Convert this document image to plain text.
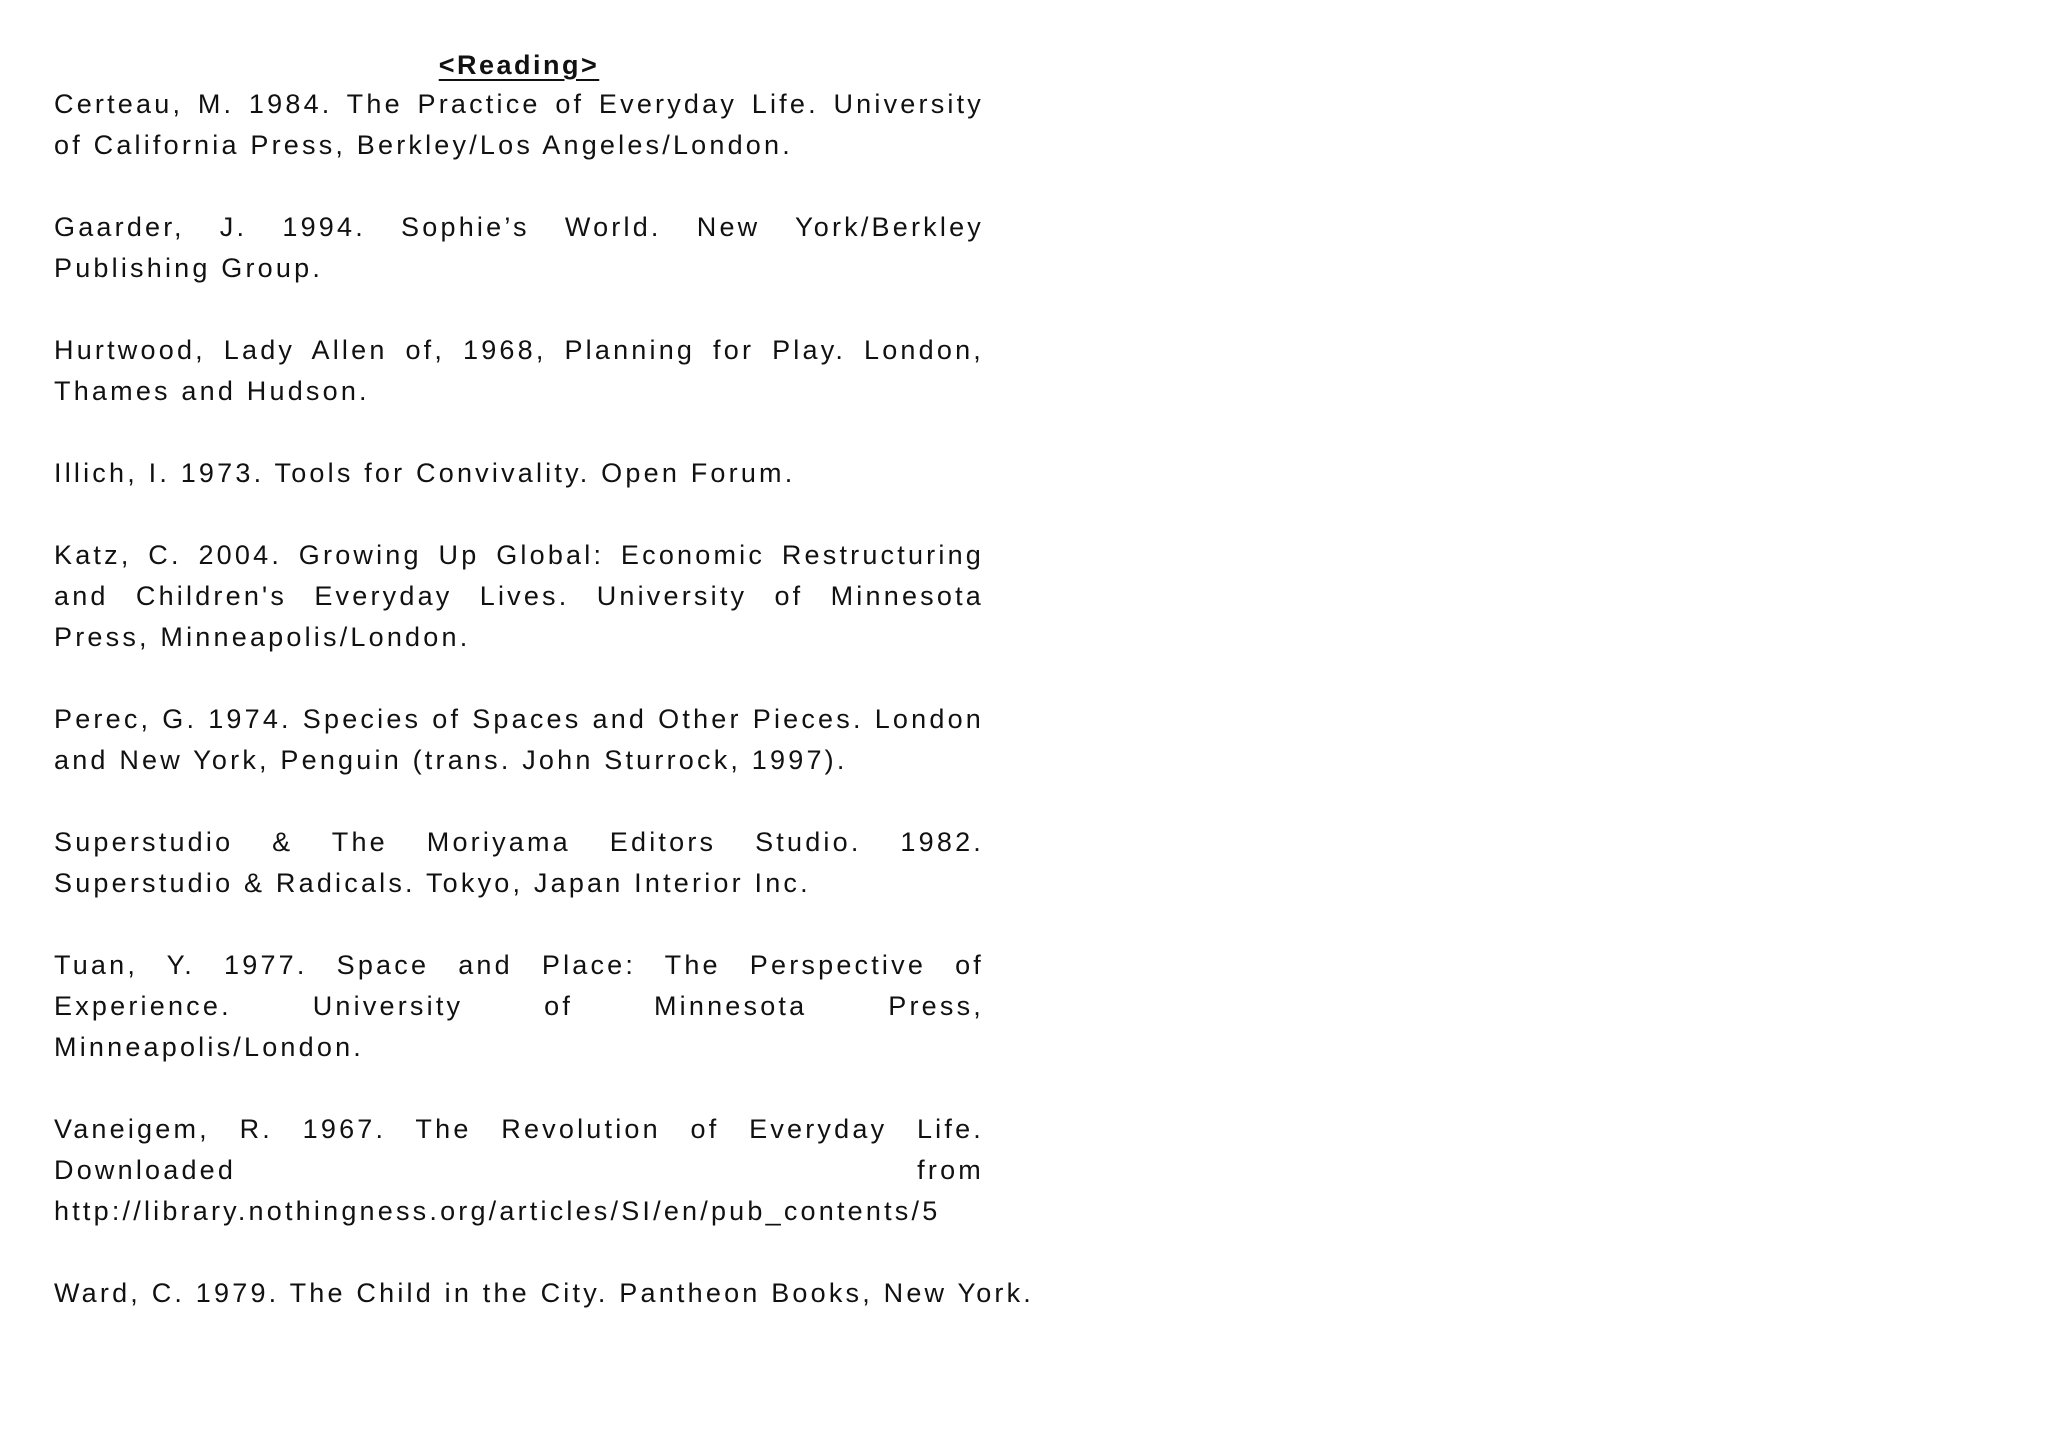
<Reading>
Certeau, M. 1984. The Practice of Everyday Life. University of California Press, Berkley/Los Angeles/London.
Gaarder, J. 1994. Sophie’s World. New York/Berkley Publishing Group.
Hurtwood, Lady Allen of, 1968, Planning for Play. London, Thames and Hudson.
Illich, I. 1973. Tools for Convivality. Open Forum.
Katz, C. 2004. Growing Up Global: Economic Restructuring and Children's Everyday Lives. University of Minnesota Press, Minneapolis/London.
Perec, G. 1974. Species of Spaces and Other Pieces. London and New York, Penguin (trans. John Sturrock, 1997).
Superstudio & The Moriyama Editors Studio. 1982. Superstudio & Radicals. Tokyo, Japan Interior Inc.
Tuan, Y. 1977. Space and Place: The Perspective of Experience. University of Minnesota Press, Minneapolis/London.
Vaneigem, R. 1967. The Revolution of Everyday Life. Downloaded from http://library.nothingness.org/articles/SI/en/pub_contents/5
Ward, C. 1979. The Child in the City. Pantheon Books, New York.
